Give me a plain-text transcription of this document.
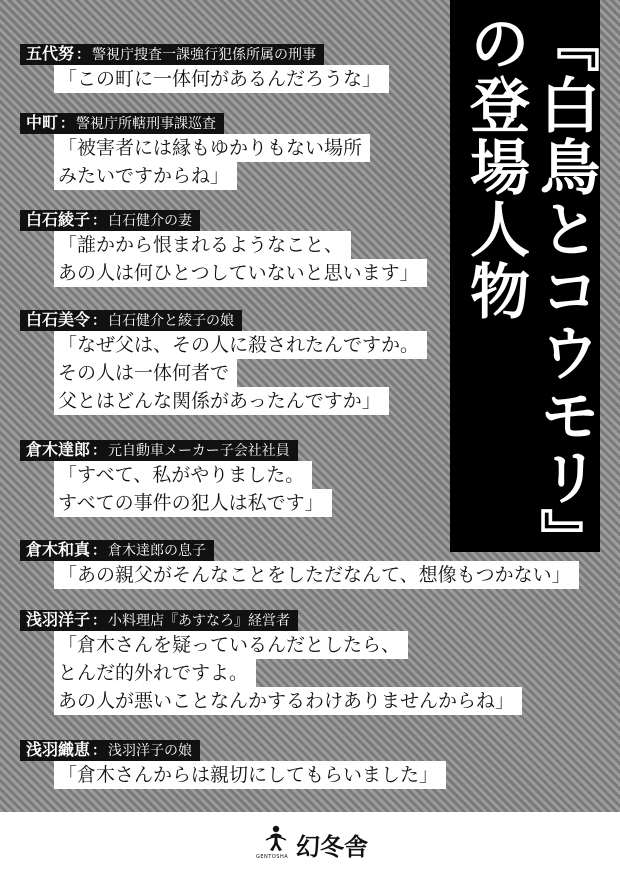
五代努 ： 警視庁捜査一課強行犯係所属の刑事
「この町に一体何があるんだろうな」
中町 ： 警視庁所轄刑事課巡査
「被害者には縁もゆかりもない場所
みたいですからね」
白石綾子 ： 白石健介の妻
「誰かから恨まれるようなこと、
あの人は何ひとつしていないと思います」
白石美令 ： 白石健介と綾子の娘
「なぜ父は、その人に殺されたんですか。
その人は一体何者で
父とはどんな関係があったんですか」
倉木達郎 ： 元自動車メーカー子会社社員
「すべて、私がやりました。
すべての事件の犯人は私です」
倉木和真 ： 倉木達郎の息子
「あの親父がそんなことをしただなんて、想像もつかない」
浅羽洋子 ： 小料理店『あすなろ』経営者
「倉木さんを疑っているんだとしたら、
とんだ的外れですよ。
あの人が悪いことなんかするわけありませんからね」
浅羽織恵 ： 浅羽洋子の娘
「倉木さんからは親切にしてもらいました」
『白鳥とコウモリ』の登場人物
GENTOSHA 幻冬舎
